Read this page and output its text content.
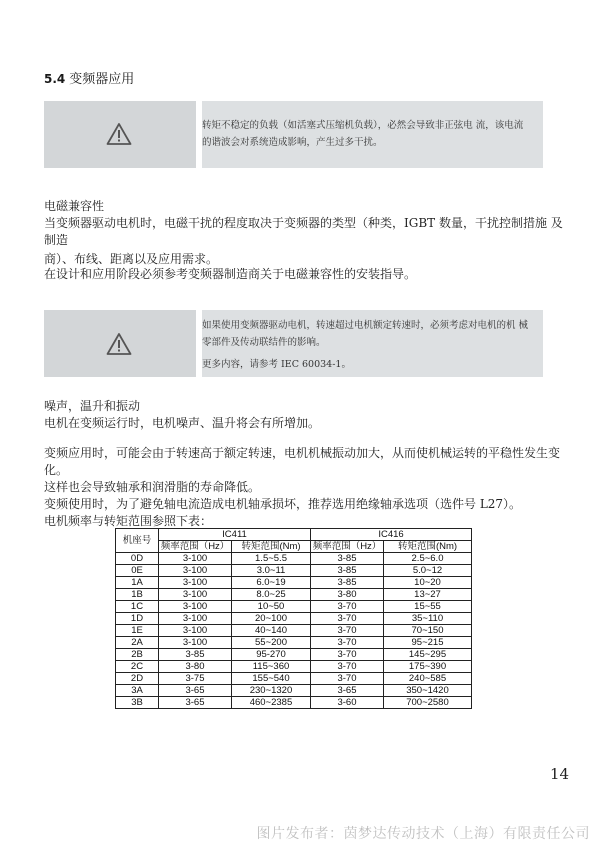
5.4 变频器应用
转矩不稳定的负载（如活塞式压缩机负载），必然会导致非正弦电 流，该电流
的谐波会对系统造成影响，产生过多干扰。
电磁兼容性
当变频器驱动电机时，电磁干扰的程度取决于变频器的类型（种类，IGBT 数量，干扰控制措施 及制造
商）、布线、距离以及应用需求。
在设计和应用阶段必须参考变频器制造商关于电磁兼容性的安装指导。
如果使用变频器驱动电机，转速超过电机额定转速时，必须考虑对电机的机 械
零部件及传动联结件的影响。
更多内容，请参考 IEC 60034-1。
噪声，温升和振动
电机在变频运行时，电机噪声、温升将会有所增加。
变频应用时，可能会由于转速高于额定转速，电机机械振动加大，从而使机械运转的平稳性发生变化。
这样也会导致轴承和润滑脂的寿命降低。
变频使用时，为了避免轴电流造成电机轴承损坏，推荐选用绝缘轴承选项（选件号 L27）。
电机频率与转矩范围参照下表：
机座号	IC411		IC416	
	频率范围（Hz）	转矩范围(Nm)	频率范围（Hz）	转矩范围(Nm)
0D	3-100	1.5~5.5	3-85	2.5~6.0
0E	3-100	3.0~11	3-85	5.0~12
1A	3-100	6.0~19	3-85	10~20
1B	3-100	8.0~25	3-80	13~27
1C	3-100	10~50	3-70	15~55
1D	3-100	20~100	3-70	35~110
1E	3-100	40~140	3-70	70~150
2A	3-100	55~200	3-70	95~215
2B	3-85	95-270	3-70	145~295
2C	3-80	115~360	3-70	175~390
2D	3-75	155~540	3-70	240~585
3A	3-65	230~1320	3-65	350~1420
3B	3-65	460~2385	3-60	700~2580
14
图片发布者：茵梦达传动技术（上海）有限责任公司
